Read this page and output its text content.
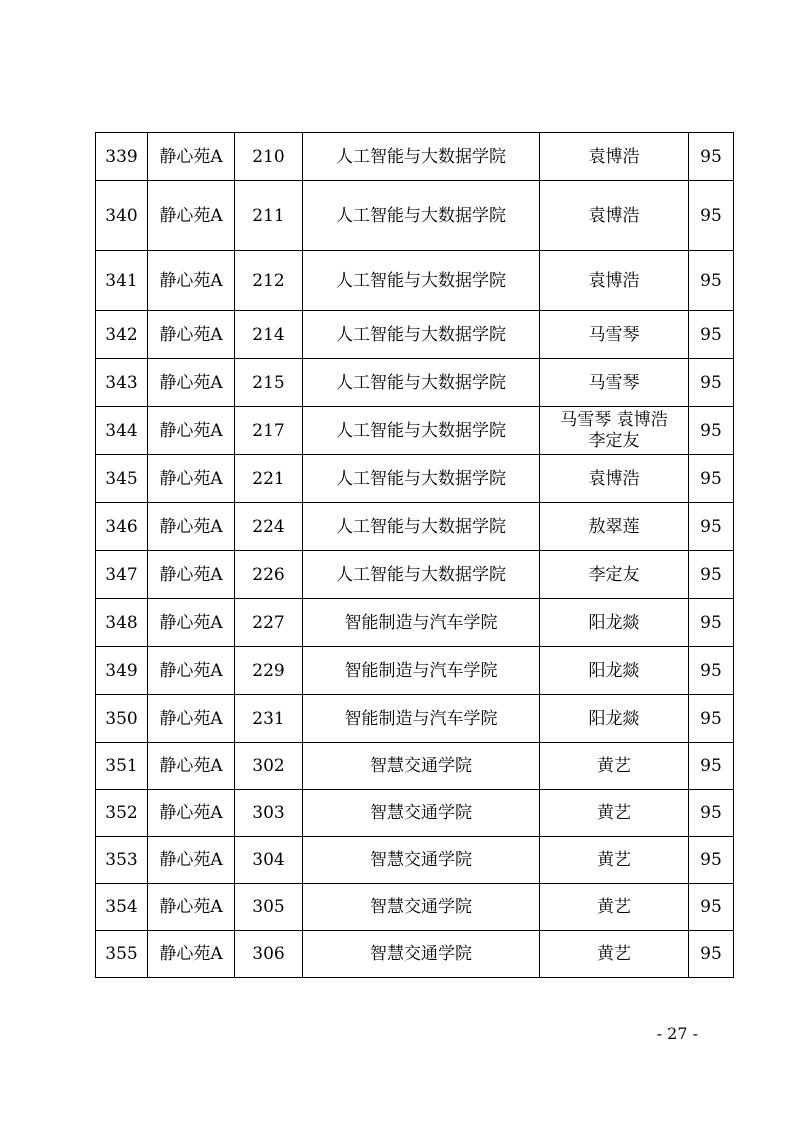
339	静心苑A	210	人工智能与大数据学院	袁博浩	95
340	静心苑A	211	人工智能与大数据学院	袁博浩	95
341	静心苑A	212	人工智能与大数据学院	袁博浩	95
342	静心苑A	214	人工智能与大数据学院	马雪琴	95
343	静心苑A	215	人工智能与大数据学院	马雪琴	95
344	静心苑A	217	人工智能与大数据学院	马雪琴 袁博浩
李定友	95
345	静心苑A	221	人工智能与大数据学院	袁博浩	95
346	静心苑A	224	人工智能与大数据学院	敖翠莲	95
347	静心苑A	226	人工智能与大数据学院	李定友	95
348	静心苑A	227	智能制造与汽车学院	阳龙燚	95
349	静心苑A	229	智能制造与汽车学院	阳龙燚	95
350	静心苑A	231	智能制造与汽车学院	阳龙燚	95
351	静心苑A	302	智慧交通学院	黄艺	95
352	静心苑A	303	智慧交通学院	黄艺	95
353	静心苑A	304	智慧交通学院	黄艺	95
354	静心苑A	305	智慧交通学院	黄艺	95
355	静心苑A	306	智慧交通学院	黄艺	95
- 27 -
